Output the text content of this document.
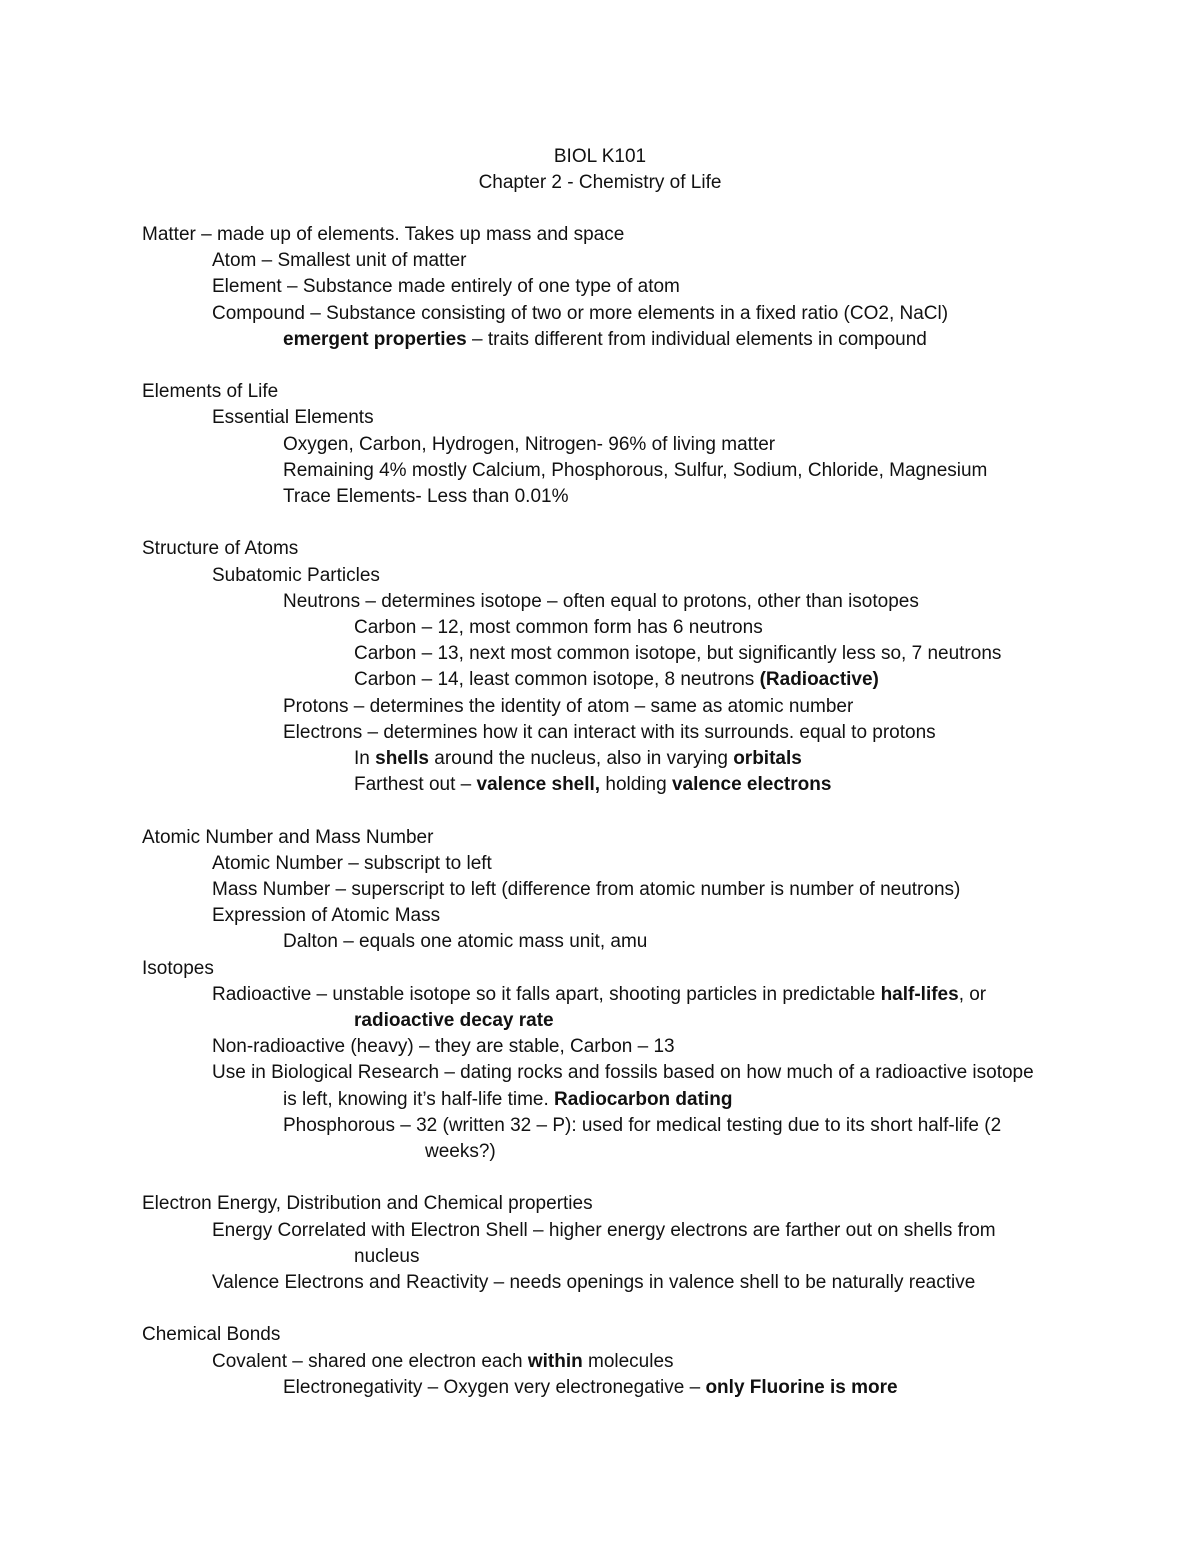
BIOL K101
Chapter 2 - Chemistry of Life
Matter – made up of elements. Takes up mass and space
Atom – Smallest unit of matter
Element – Substance made entirely of one type of atom
Compound – Substance consisting of two or more elements in a fixed ratio (CO2, NaCl)
emergent properties – traits different from individual elements in compound
Elements of Life
Essential Elements
Oxygen, Carbon, Hydrogen, Nitrogen- 96% of living matter
Remaining 4% mostly Calcium, Phosphorous, Sulfur, Sodium, Chloride, Magnesium
Trace Elements- Less than 0.01%
Structure of Atoms
Subatomic Particles
Neutrons – determines isotope – often equal to protons, other than isotopes
Carbon – 12, most common form has 6 neutrons
Carbon – 13, next most common isotope, but significantly less so, 7 neutrons
Carbon – 14, least common isotope, 8 neutrons (Radioactive)
Protons – determines the identity of atom – same as atomic number
Electrons – determines how it can interact with its surrounds. equal to protons
In shells around the nucleus, also in varying orbitals
Farthest out – valence shell, holding valence electrons
Atomic Number and Mass Number
Atomic Number – subscript to left
Mass Number – superscript to left (difference from atomic number is number of neutrons)
Expression of Atomic Mass
Dalton – equals one atomic mass unit, amu
Isotopes
Radioactive – unstable isotope so it falls apart, shooting particles in predictable half-lifes, or
radioactive decay rate
Non-radioactive (heavy) – they are stable, Carbon – 13
Use in Biological Research – dating rocks and fossils based on how much of a radioactive isotope
is left, knowing it’s half-life time. Radiocarbon dating
Phosphorous – 32 (written 32 – P): used for medical testing due to its short half-life (2
weeks?)
Electron Energy, Distribution and Chemical properties
Energy Correlated with Electron Shell – higher energy electrons are farther out on shells from
nucleus
Valence Electrons and Reactivity – needs openings in valence shell to be naturally reactive
Chemical Bonds
Covalent – shared one electron each within molecules
Electronegativity – Oxygen very electronegative – only Fluorine is more
